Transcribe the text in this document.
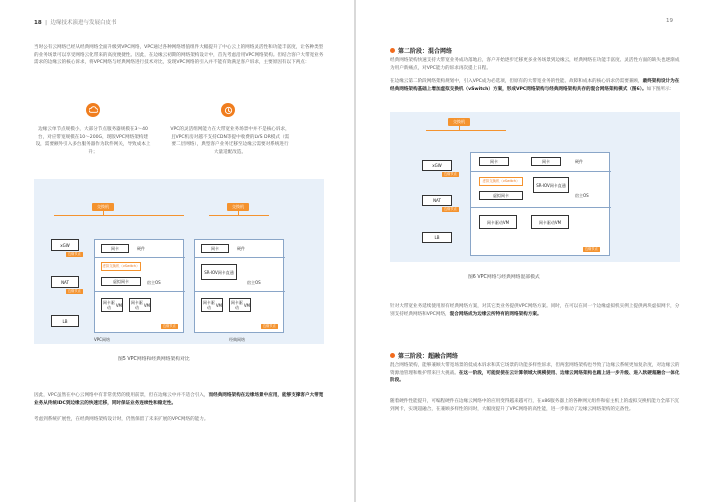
18  |  边缘技术演进与发展白皮书
当时公有云网络已经从经典网络全面升级到VPC网络，VPC通过各种网络增值组件大幅提升了中心云上的网络灵活性和功能丰富度，让各种类型的业务场景可以享受网络云化带来的高度便捷性。因此，在边缘云初期的网络架构设计中，首先考虑沿用VPC网络架构。但结合客户大带宽业务需求的边缘云的核心诉求，将VPC网络与经典网络进行技术对比，发现VPC网络的引入并不能有效满足客户诉求，主要原因有以下两点：
边缘云单节点规模小，大部分节点服务器规模在3～40台，对应带宽规模在10～200G，现版VPC网络架构建设，需要额外引入多台服务器作为软件网关，导致成本上升；
VPC的灵活组网能力在大带宽业务场景中并不是核心诉求，且VPC机房对越不支持CDN等提中收费的LVS DR模式（需要二层网络），典型客户业务迁移至边缘云需要对系统进行大量适配改造。
交换机
xGW
边缘节点
NAT
边缘节点
LB
网卡	硬件
虚拟交换机（vSwitch）
虚拟网卡	宿主OS
网卡驱动	VM 网卡驱动	VM
边缘节点
VPC网络
交换机
网卡	硬件
SR-IOV 网卡直通
宿主OS
网卡驱动	VM 网卡驱动	VM
边缘节点
经典网络
图5 VPC网络和经典网络架构对比
因此，VPC虽然在中心云网络中有非常优势的使用前景，但在边缘云中并不适合引入，而经典网络架构在边缘场景中应用，能够支撑客户大带宽业务从传统IDC到边缘云的快速迁移，同时保证业务连续性和稳定性。
考虑到系统扩展性，在经典网络架构设计时，仍然保留了未来扩展的VPC网络的能力。
19
第二阶段：混合网络
经典网络架构快速支持大带宽业务成功落地后，客户开始逐步迁移更多业务场景到边缘云，经典网络在功能丰富度、灵活性方面的缺失也逐渐成为用户新痛点，对VPC能力的诉求再次提上日程。
在边缘云第二阶段网络架构规划中，引入VPC成为必选项，但原有的大带宽业务的性能、故障和成本的核心诉求仍需要兼顾，最终架构设计为在经典网络架构基础上增加虚拟交换机（vSwitch）方案，形成VPC网络架构与经典网络架构共存的混合网络架构模式（图6）。如下图所示：
交换机
xGW
边缘节点
NAT
边缘节点
LB
网卡	网卡	硬件
虚拟交换机（vSwitch）
虚拟网卡
SR-IOV 网卡直通
宿主OS
网卡驱动 VM	网卡驱动 VM
边缘节点
图6 VPC网络与经典网络混部模式
针对大带宽业务延续使用原有经典网络方案，对其它类业务提供VPC网络方案。同时，在可以在同一个边缘虚拟机实例上提供两块虚拟网卡，分别支持经典网络和VPC网络，混合网络成为边缘云所特有的网络架构方案。
第三阶段：超融合网络
混合网络架构，能够兼顾大带宽场景的低成本诉求和其它场景的功能多样性诉求，但两套网络架构也导致了边缘云系统更加复杂度，对边缘云的资源池管理和维护带来巨大挑战。在这一阶段，可能促使在云计算领域大规模使用、边缘云网络架构也踏上进一步升级、进入软硬超融合一体化阶段。
随着硬件性能提升，可编程硬件在边缘云网络中的应用变得越来越可行，在x86服务器上的各种网元组件和宿主机上的虚拟交换机能力全部下沉到网卡，实现超融合，在兼顾多样性的同时，大幅度提升了VPC网络的高性能，进一步推动了边缘云网络架构的完备性。
